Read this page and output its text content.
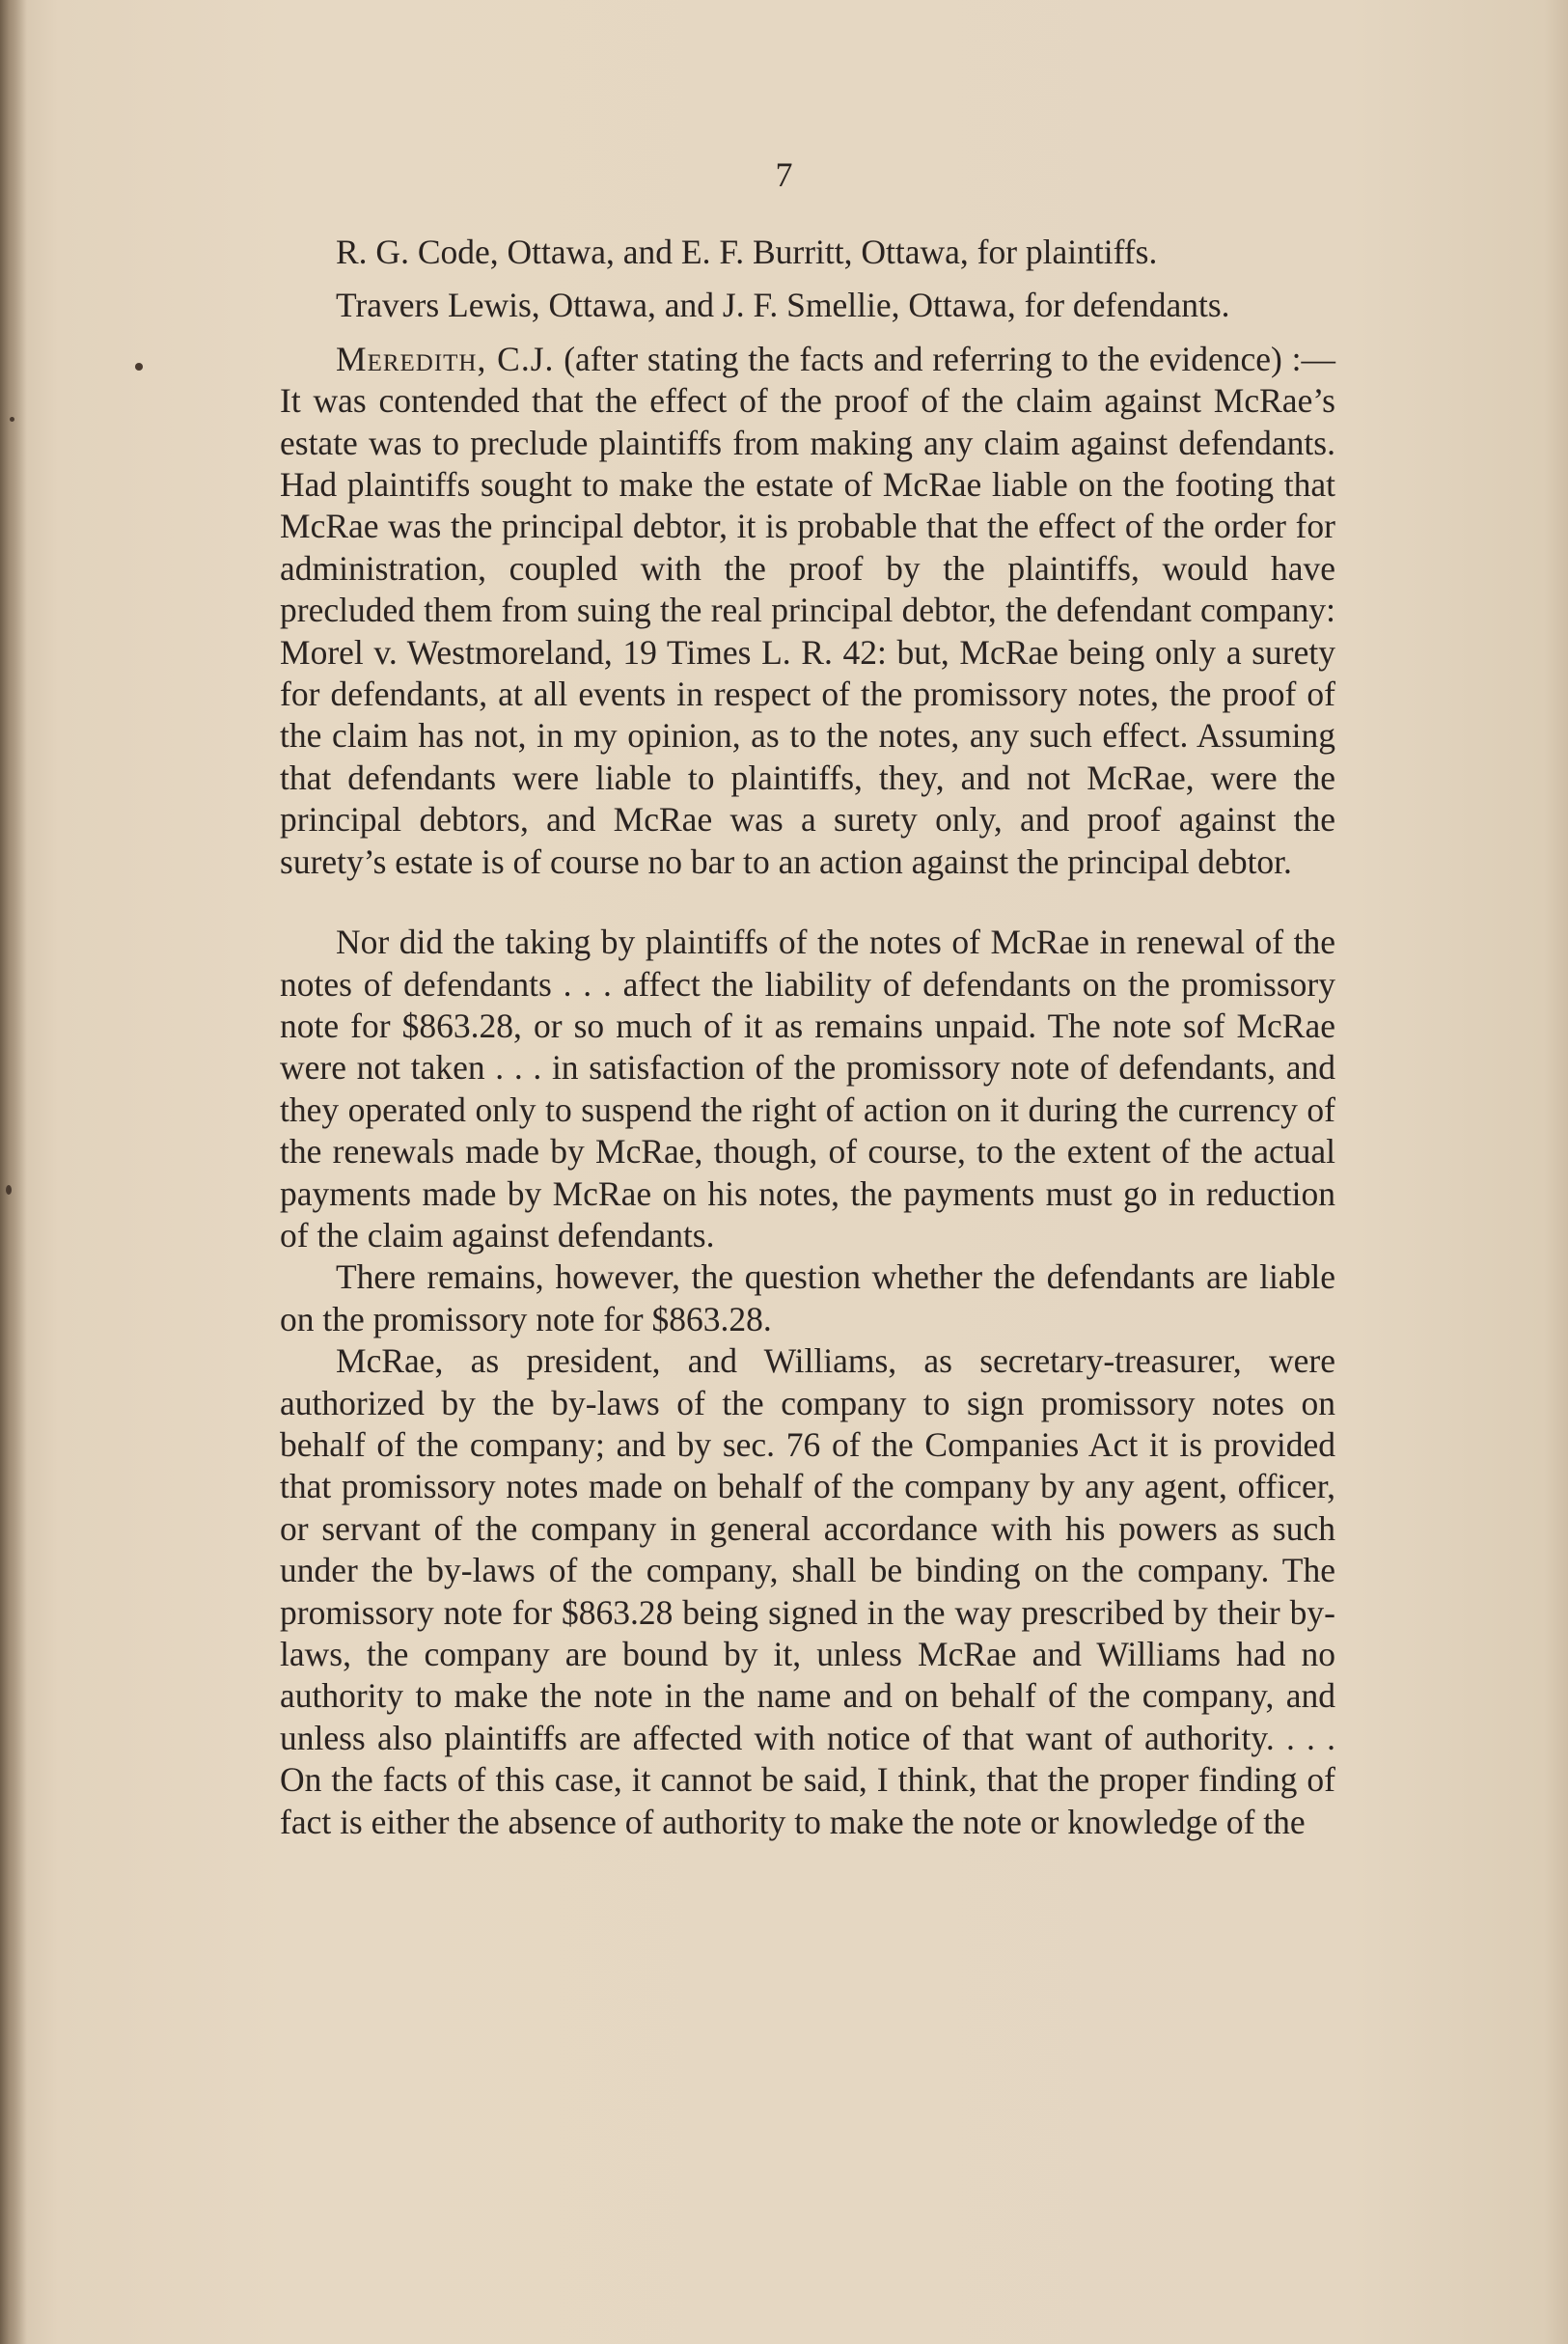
7

R. G. Code, Ottawa, and E. F. Burritt, Ottawa, for plaintiffs.

Travers Lewis, Ottawa, and J. F. Smellie, Ottawa, for defendants.

Meredith, C.J. (after stating the facts and referring to the evidence) :—It was contended that the effect of the proof of the claim against McRae’s estate was to preclude plaintiffs from making any claim against defendants. Had plaintiffs sought to make the estate of McRae liable on the footing that McRae was the principal debtor, it is probable that the effect of the order for administration, coupled with the proof by the plaintiffs, would have precluded them from suing the real principal debtor, the defendant company: Morel v. Westmoreland, 19 Times L. R. 42: but, McRae being only a surety for defendants, at all events in respect of the promissory notes, the proof of the claim has not, in my opinion, as to the notes, any such effect. Assuming that defendants were liable to plaintiffs, they, and not McRae, were the principal debtors, and McRae was a surety only, and proof against the surety’s estate is of course no bar to an action against the principal debtor.

Nor did the taking by plaintiffs of the notes of McRae in renewal of the notes of defendants . . . affect the liability of defendants on the promissory note for $863.28, or so much of it as remains unpaid. The note sof McRae were not taken . . . in satisfaction of the promissory note of defendants, and they operated only to suspend the right of action on it during the currency of the renewals made by McRae, though, of course, to the extent of the actual payments made by McRae on his notes, the payments must go in reduction of the claim against defendants.

There remains, however, the question whether the defendants are liable on the promissory note for $863.28.

McRae, as president, and Williams, as secretary-treasurer, were authorized by the by-laws of the company to sign promissory notes on behalf of the company; and by sec. 76 of the Companies Act it is provided that promissory notes made on behalf of the company by any agent, officer, or servant of the company in general accordance with his powers as such under the by-laws of the company, shall be binding on the company. The promissory note for $863.28 being signed in the way prescribed by their by-laws, the company are bound by it, unless McRae and Williams had no authority to make the note in the name and on behalf of the company, and unless also plaintiffs are affected with notice of that want of authority. . . . On the facts of this case, it cannot be said, I think, that the proper finding of fact is either the absence of authority to make the note or knowledge of the
